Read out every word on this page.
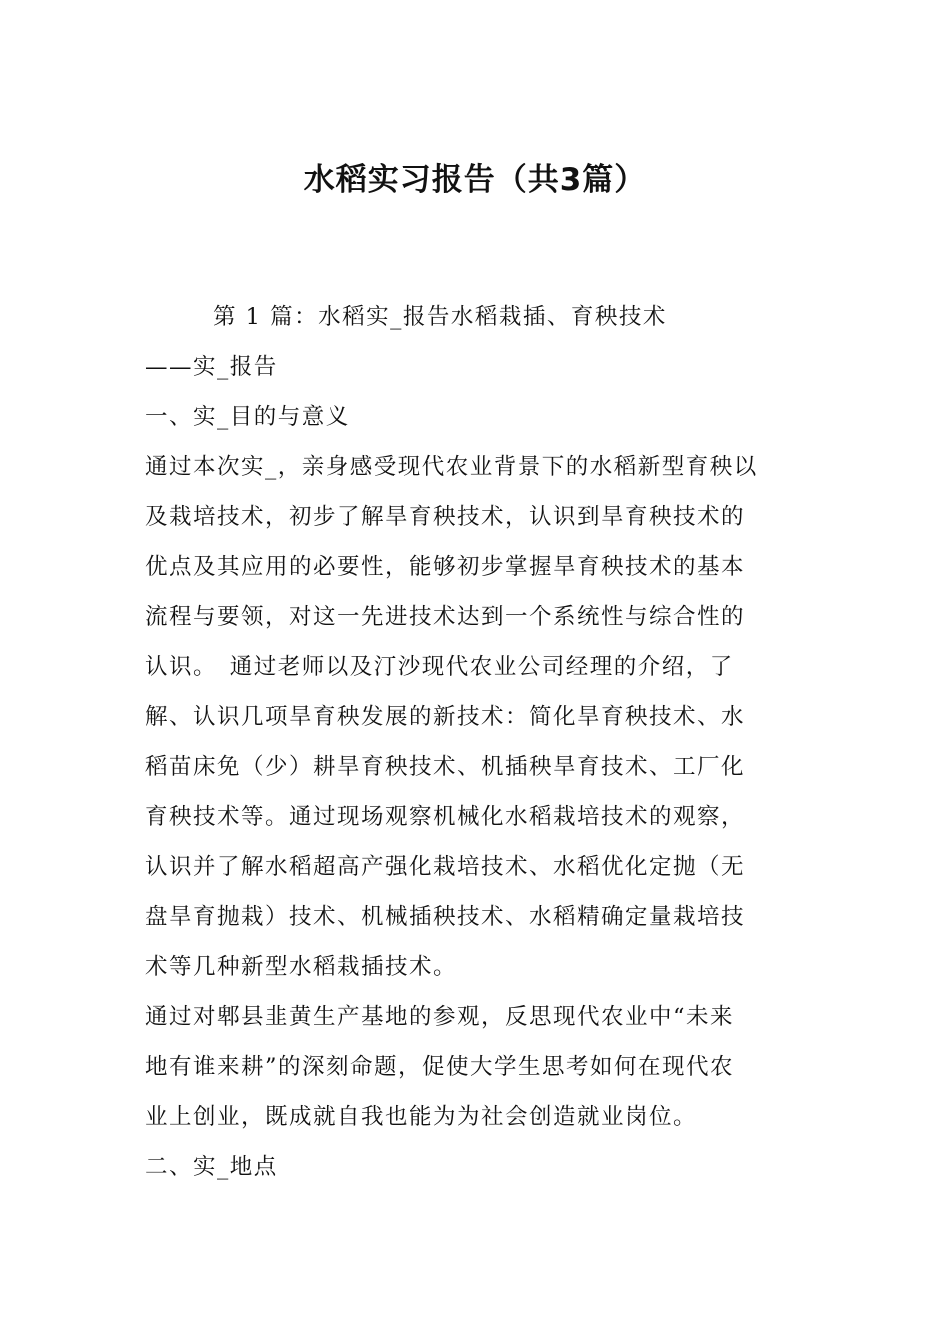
水稻实习报告（共3篇）

第 1 篇：水稻实_报告水稻栽插、育秧技术

——实_报告

一、实_目的与意义

通过本次实_，亲身感受现代农业背景下的水稻新型育秧以

及栽培技术，初步了解旱育秧技术，认识到旱育秧技术的

优点及其应用的必要性，能够初步掌握旱育秧技术的基本

流程与要领，对这一先进技术达到一个系统性与综合性的

认识。　通过老师以及汀沙现代农业公司经理的介绍，了

解、认识几项旱育秧发展的新技术：简化旱育秧技术、水

稻苗床免（少）耕旱育秧技术、机插秧旱育技术、工厂化

育秧技术等。通过现场观察机械化水稻栽培技术的观察，

认识并了解水稻超高产强化栽培技术、水稻优化定抛（无

盘旱育抛栽）技术、机械插秧技术、水稻精确定量栽培技

术等几种新型水稻栽插技术。

通过对郫县韭黄生产基地的参观，反思现代农业中“未来

地有谁来耕”的深刻命题，促使大学生思考如何在现代农

业上创业，既成就自我也能为为社会创造就业岗位。

二、实_地点
